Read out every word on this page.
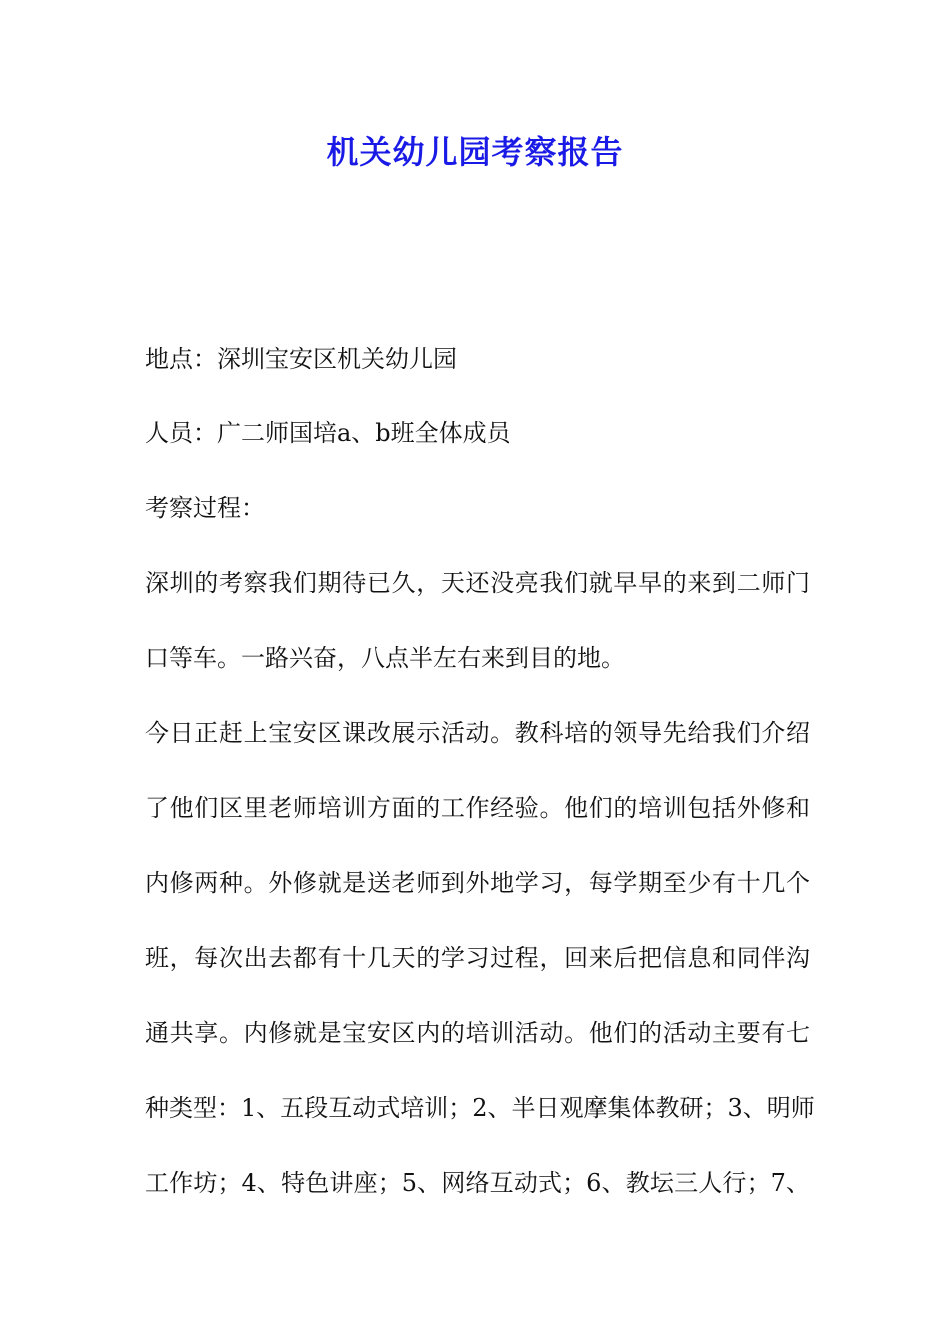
机关幼儿园考察报告
地点：深圳宝安区机关幼儿园
人员：广二师国培a、b班全体成员
考察过程：
深圳的考察我们期待已久，天还没亮我们就早早的来到二师门
口等车。一路兴奋，八点半左右来到目的地。
今日正赶上宝安区课改展示活动。教科培的领导先给我们介绍
了他们区里老师培训方面的工作经验。他们的培训包括外修和
内修两种。外修就是送老师到外地学习，每学期至少有十几个
班，每次出去都有十几天的学习过程，回来后把信息和同伴沟
通共享。内修就是宝安区内的培训活动。他们的活动主要有七
种类型：1、五段互动式培训；2、半日观摩集体教研；3、明师
工作坊；4、特色讲座；5、网络互动式；6、教坛三人行；7、
